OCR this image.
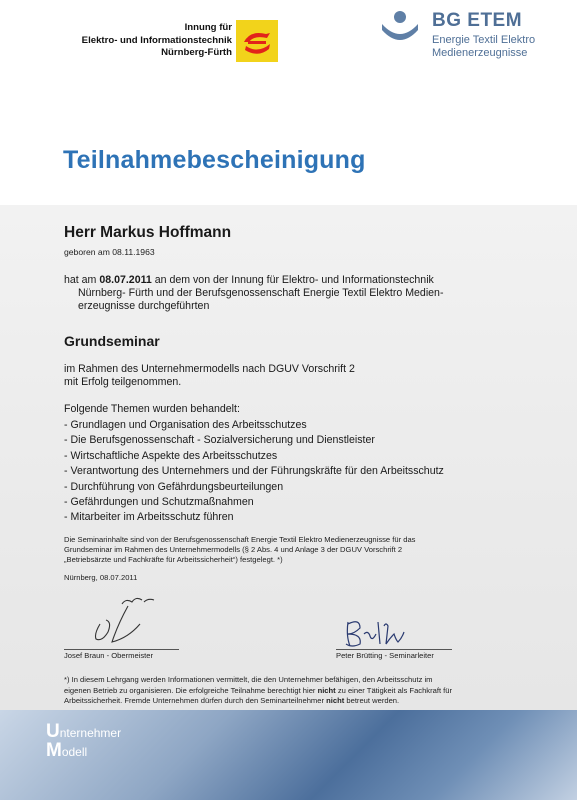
Innung für
Elektro- und Informationstechnik
Nürnberg-Fürth
BG ETEM
Energie Textil Elektro
Medienerzeugnisse
Teilnahmebescheinigung
Herr Markus Hoffmann
geboren am 08.11.1963
hat am 08.07.2011 an dem von der Innung für Elektro- und Informationstechnik
Nürnberg- Fürth und der Berufsgenossenschaft Energie Textil Elektro Medien-
erzeugnisse durchgeführten
Grundseminar
im Rahmen des Unternehmermodells nach DGUV Vorschrift 2
mit Erfolg teilgenommen.
Folgende Themen wurden behandelt:
- Grundlagen und Organisation des Arbeitsschutzes
- Die Berufsgenossenschaft - Sozialversicherung und Dienstleister
- Wirtschaftliche Aspekte des Arbeitsschutzes
- Verantwortung des Unternehmers und der Führungskräfte für den Arbeitsschutz
- Durchführung von Gefährdungsbeurteilungen
- Gefährdungen und Schutzmaßnahmen
- Mitarbeiter im Arbeitsschutz führen
Die Seminarinhalte sind von der Berufsgenossenschaft Energie Textil Elektro Medienerzeugnisse für das
Grundseminar im Rahmen des Unternehmermodells (§ 2 Abs. 4 und Anlage 3 der DGUV Vorschrift 2
„Betriebsärzte und Fachkräfte für Arbeitssicherheit“) festgelegt. *)
Nürnberg, 08.07.2011
Josef Braun - Obermeister	Peter Brütting - Seminarleiter
*) In diesem Lehrgang werden Informationen vermittelt, die den Unternehmer befähigen, den Arbeitsschutz im
eigenen Betrieb zu organisieren. Die erfolgreiche Teilnahme berechtigt hier nicht zu einer Tätigkeit als Fachkraft für
Arbeitssicherheit. Fremde Unternehmen dürfen durch den Seminarteilnehmer nicht betreut werden.
Unternehmer
Modell
